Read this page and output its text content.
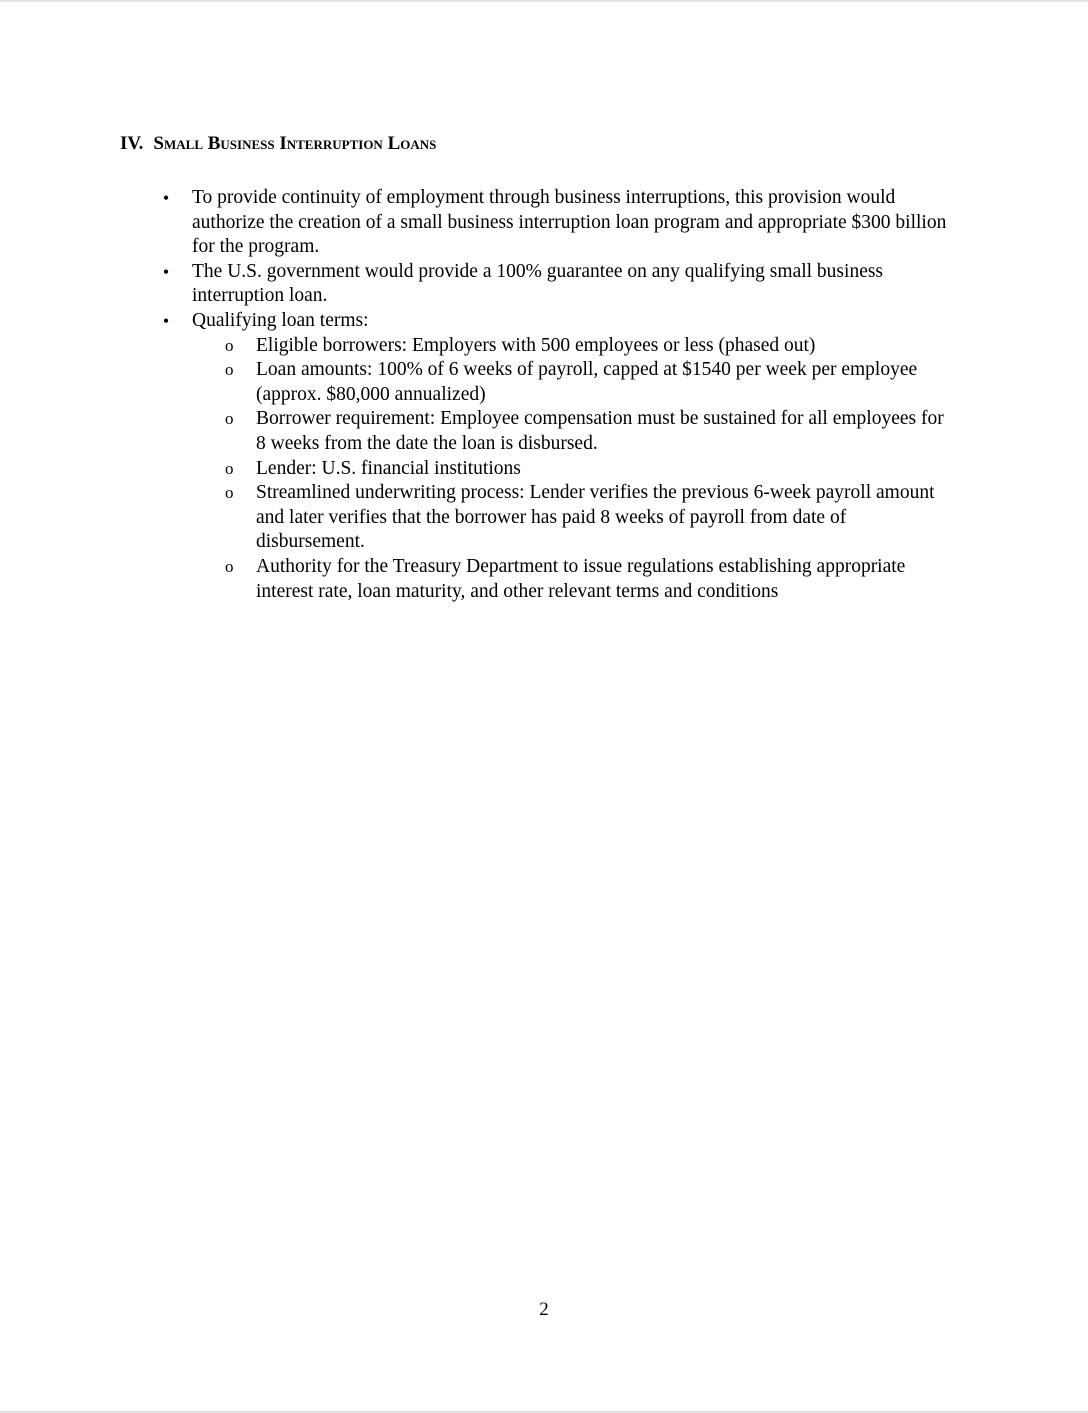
IV. Small Business Interruption Loans
• To provide continuity of employment through business interruptions, this provision would authorize the creation of a small business interruption loan program and appropriate $300 billion for the program.
• The U.S. government would provide a 100% guarantee on any qualifying small business interruption loan.
• Qualifying loan terms:
o Eligible borrowers: Employers with 500 employees or less (phased out)
o Loan amounts: 100% of 6 weeks of payroll, capped at $1540 per week per employee (approx. $80,000 annualized)
o Borrower requirement: Employee compensation must be sustained for all employees for 8 weeks from the date the loan is disbursed.
o Lender: U.S. financial institutions
o Streamlined underwriting process: Lender verifies the previous 6-week payroll amount and later verifies that the borrower has paid 8 weeks of payroll from date of disbursement.
o Authority for the Treasury Department to issue regulations establishing appropriate interest rate, loan maturity, and other relevant terms and conditions
2
